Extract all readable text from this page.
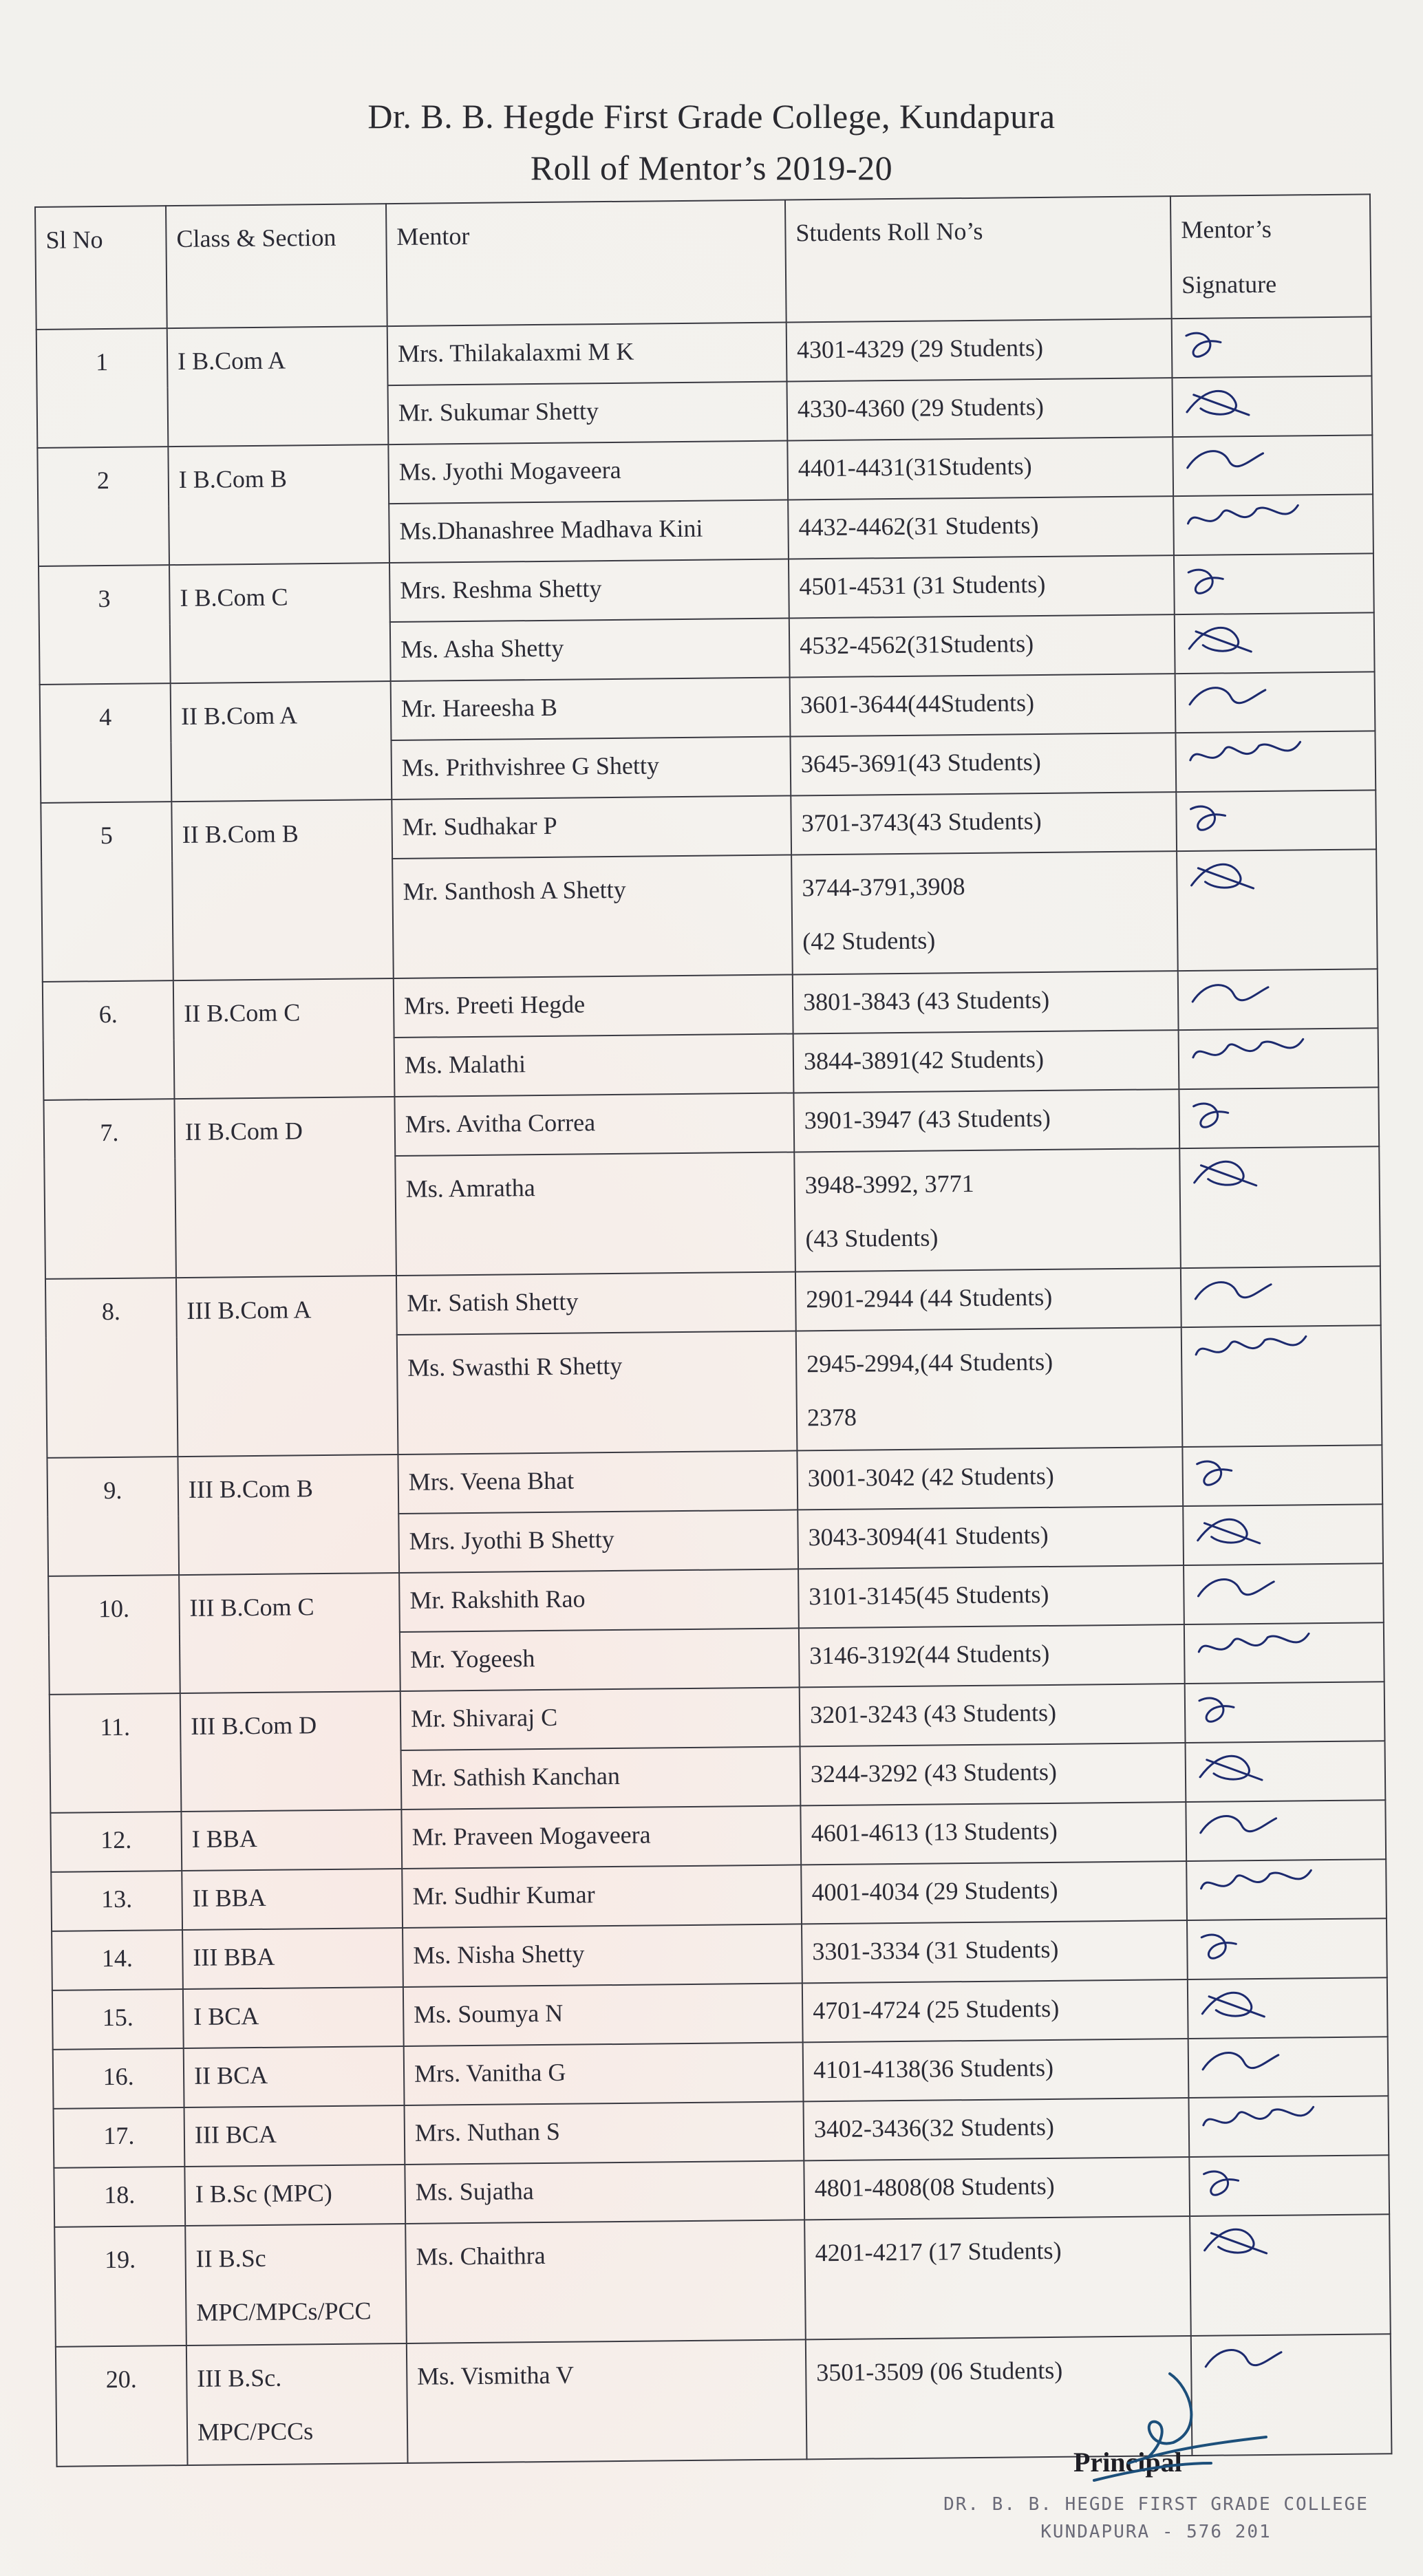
Dr. B. B. Hegde First Grade College, Kundapura
Roll of Mentor’s 2019-20
Sl No	Class & Section	Mentor	Students Roll No’s	Mentor’s Signature
1	I B.Com A	Mrs. Thilakalaxmi M K	4301-4329 (29 Students)

		Mr. Sukumar Shetty	4330-4360 (29 Students)

2	I B.Com B	Ms. Jyothi Mogaveera	4401-4431(31Students)

		Ms.Dhanashree Madhava Kini	4432-4462(31 Students)

3	I B.Com C	Mrs. Reshma Shetty	4501-4531 (31 Students)

		Ms. Asha Shetty	4532-4562(31Students)

4	II B.Com A	Mr. Hareesha B	3601-3644(44Students)

		Ms. Prithvishree G Shetty	3645-3691(43 Students)

5	II B.Com B	Mr. Sudhakar P	3701-3743(43 Students)

		Mr. Santhosh A Shetty	3744-3791,3908
(42 Students)

6.	II B.Com C	Mrs. Preeti Hegde	3801-3843 (43 Students)

		Ms. Malathi	3844-3891(42 Students)

7.	II B.Com D	Mrs. Avitha Correa	3901-3947 (43 Students)

		Ms. Amratha	3948-3992, 3771
(43 Students)

8.	III B.Com A	Mr. Satish Shetty	2901-2944 (44 Students)

		Ms. Swasthi R Shetty	2945-2994,(44 Students)
2378

9.	III B.Com B	Mrs. Veena Bhat	3001-3042 (42 Students)

		Mrs. Jyothi B Shetty	3043-3094(41 Students)

10.	III B.Com C	Mr. Rakshith Rao	3101-3145(45 Students)

		Mr. Yogeesh	3146-3192(44 Students)

11.	III B.Com D	Mr. Shivaraj C	3201-3243 (43 Students)

		Mr. Sathish Kanchan	3244-3292 (43 Students)

12.	I BBA	Mr. Praveen Mogaveera	4601-4613 (13 Students)

13.	II BBA	Mr. Sudhir Kumar	4001-4034 (29 Students)

14.	III BBA	Ms. Nisha Shetty	3301-3334 (31 Students)

15.	I BCA	Ms. Soumya N	4701-4724 (25 Students)

16.	II BCA	Mrs. Vanitha G	4101-4138(36 Students)

17.	III BCA	Mrs. Nuthan S	3402-3436(32 Students)

18.	I B.Sc (MPC)	Ms. Sujatha	4801-4808(08 Students)

19.	II B.Sc
MPC/MPCs/PCC	Ms. Chaithra	4201-4217 (17 Students)

20.	III B.Sc.
MPC/PCCs	Ms. Vismitha V	3501-3509 (06 Students)

Principal
DR. B. B. HEGDE FIRST GRADE COLLEGE
KUNDAPURA - 576 201
